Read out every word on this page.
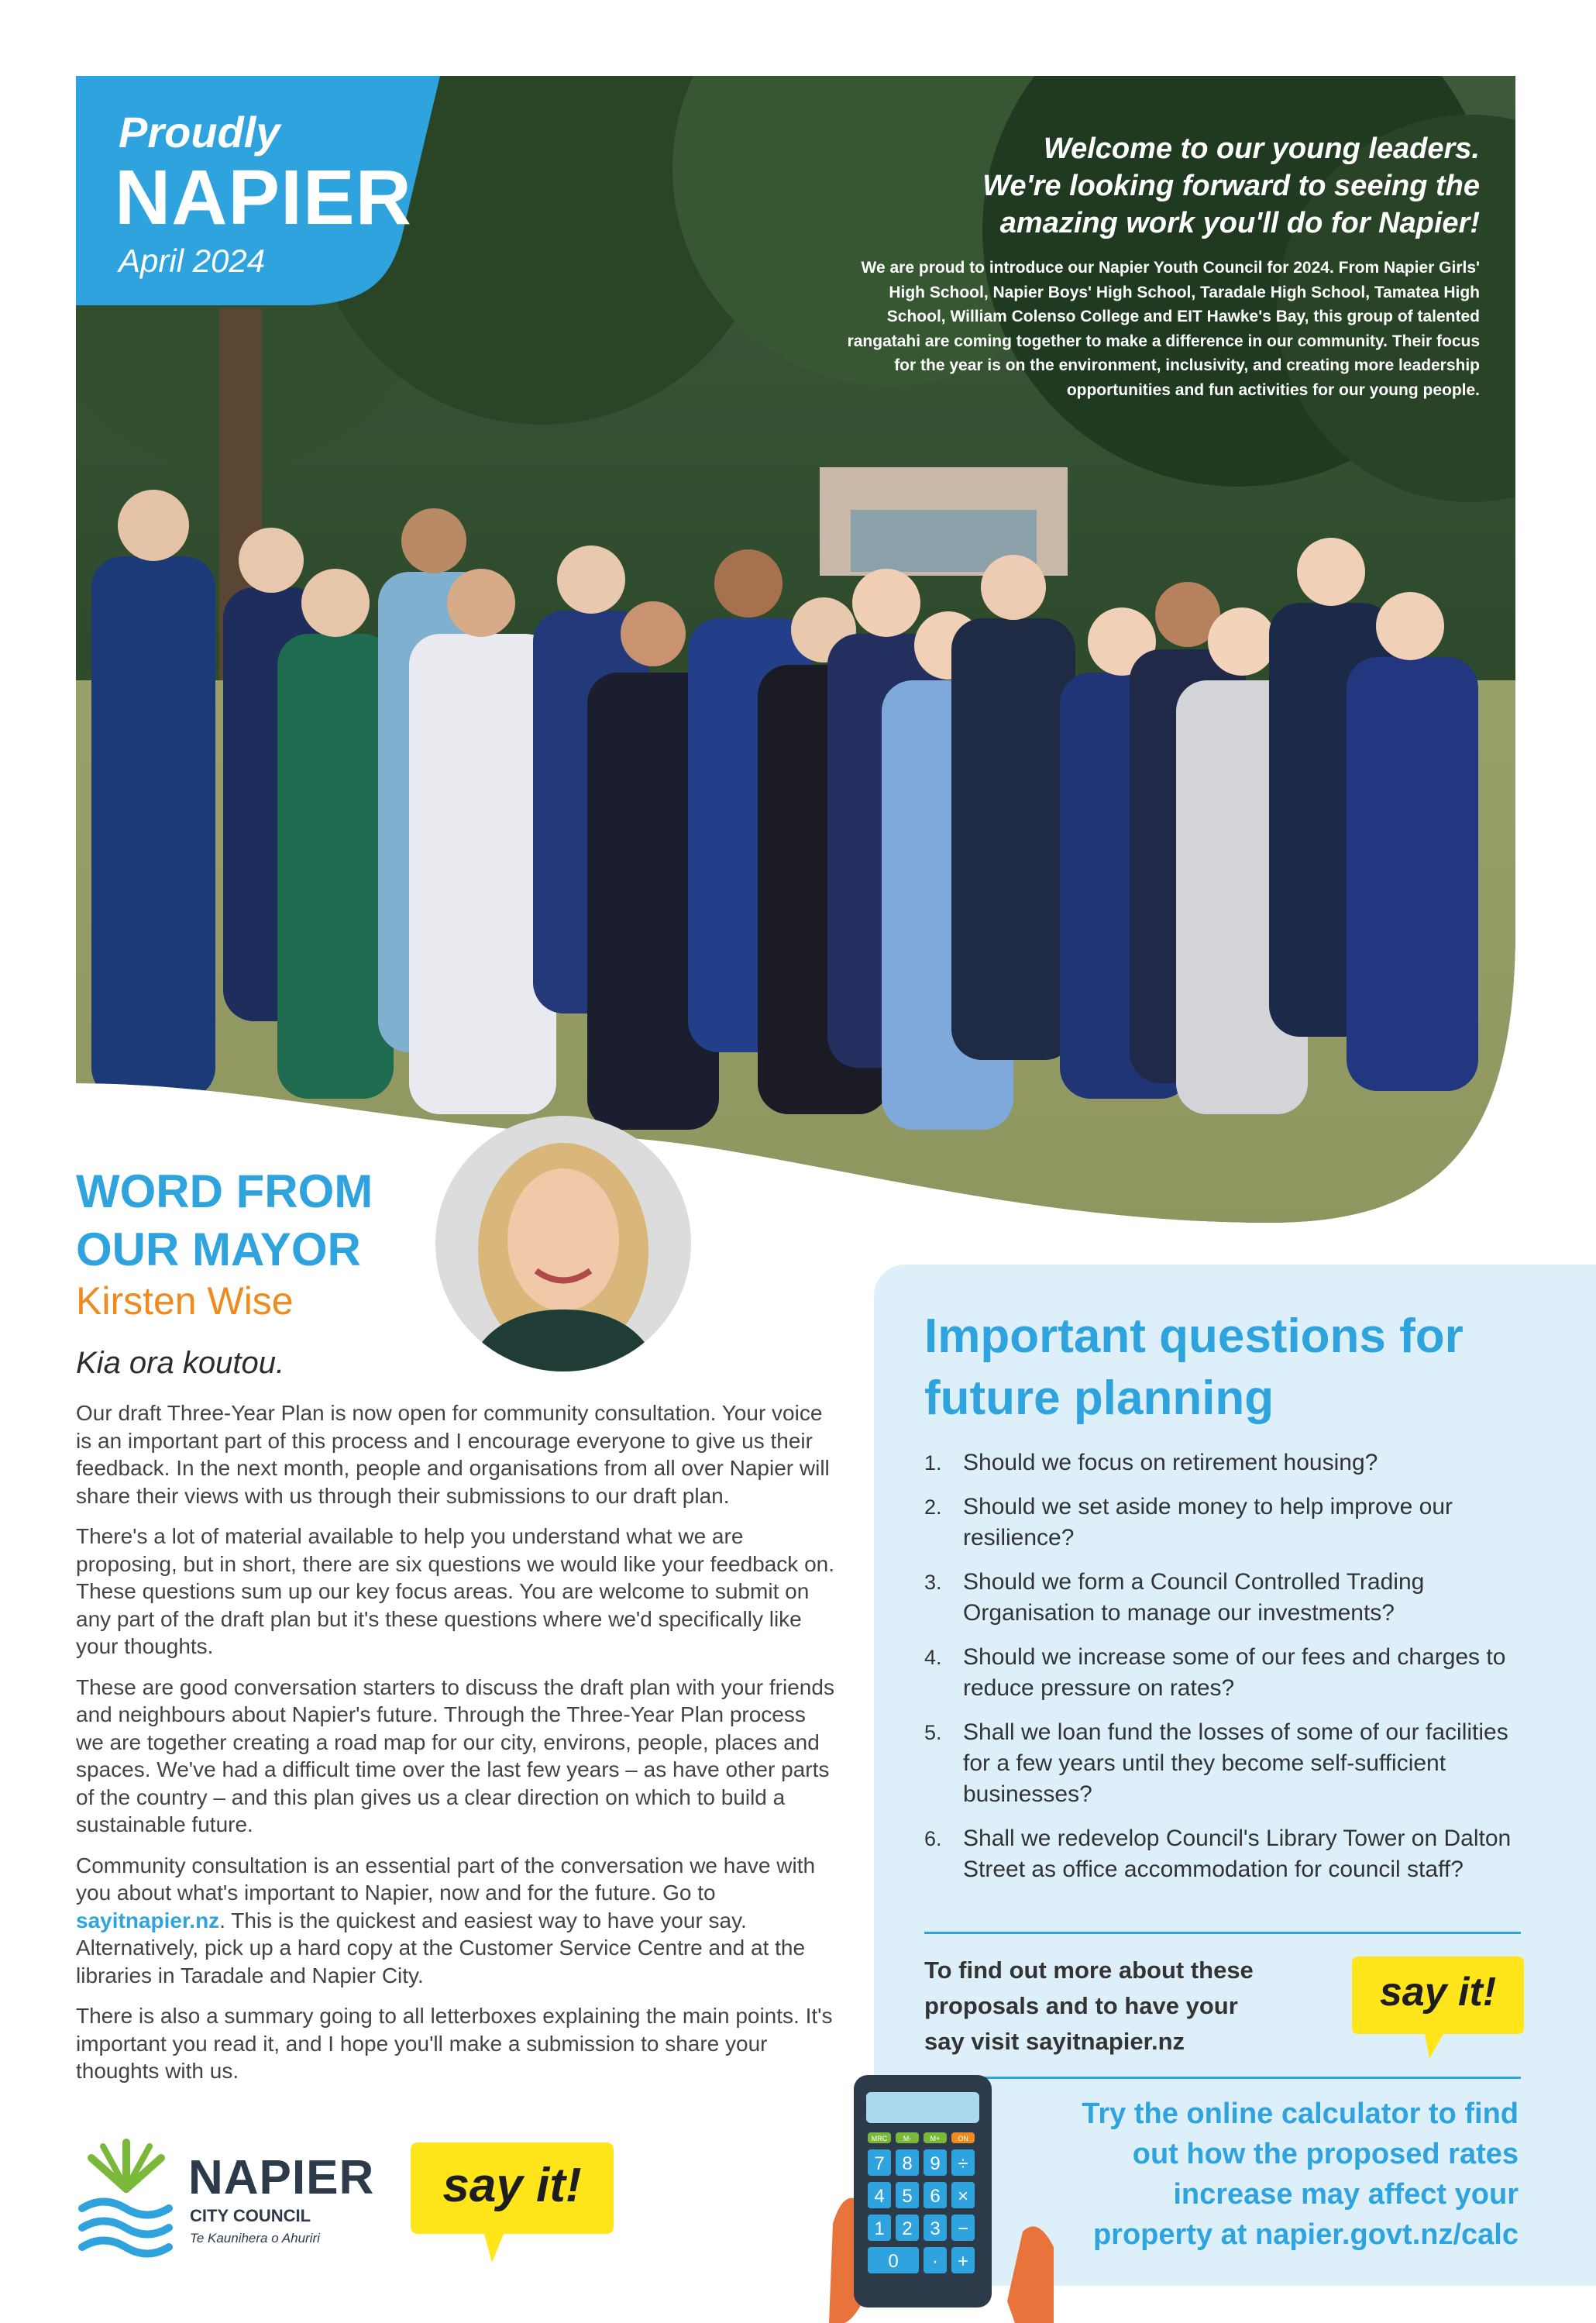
Proudly
NAPIER
April 2024
Welcome to our young leaders.
We're looking forward to seeing the
amazing work you'll do for Napier!
We are proud to introduce our Napier Youth Council for 2024. From Napier Girls' High School, Napier Boys' High School, Taradale High School, Tamatea High School, William Colenso College and EIT Hawke's Bay, this group of talented rangatahi are coming together to make a difference in our community. Their focus for the year is on the environment, inclusivity, and creating more leadership opportunities and fun activities for our young people.
WORD FROM
OUR MAYOR
Kirsten Wise
Kia ora koutou.

Our draft Three-Year Plan is now open for community consultation. Your voice is an important part of this process and I encourage everyone to give us their feedback. In the next month, people and organisations from all over Napier will share their views with us through their submissions to our draft plan.

There's a lot of material available to help you understand what we are proposing, but in short, there are six questions we would like your feedback on. These questions sum up our key focus areas. You are welcome to submit on any part of the draft plan but it's these questions where we'd specifically like your thoughts.

These are good conversation starters to discuss the draft plan with your friends and neighbours about Napier's future. Through the Three-Year Plan process we are together creating a road map for our city, environs, people, places and spaces. We've had a difficult time over the last few years – as have other parts of the country – and this plan gives us a clear direction on which to build a sustainable future.

Community consultation is an essential part of the conversation we have with you about what's important to Napier, now and for the future. Go to sayitnapier.nz. This is the quickest and easiest way to have your say. Alternatively, pick up a hard copy at the Customer Service Centre and at the libraries in Taradale and Napier City.

There is also a summary going to all letterboxes explaining the main points. It's important you read it, and I hope you'll make a submission to share your thoughts with us.

NAPIER
CITY COUNCIL
Te Kaunihera o Ahuriri
say it!
Important questions for
future planning
1. Should we focus on retirement housing?
2. Should we set aside money to help improve our resilience?
3. Should we form a Council Controlled Trading Organisation to manage our investments?
4. Should we increase some of our fees and charges to reduce pressure on rates?
5. Shall we loan fund the losses of some of our facilities for a few years until they become self-sufficient businesses?
6. Shall we redevelop Council's Library Tower on Dalton Street as office accommodation for council staff?
To find out more about these
proposals and to have your
say visit sayitnapier.nz
say it!
Try the online calculator to find
out how the proposed rates
increase may affect your
property at napier.govt.nz/calc
MRC M-	M+	ON
7 8 9 ÷
4 5 6 ×
1 2 3 −
0 · +
